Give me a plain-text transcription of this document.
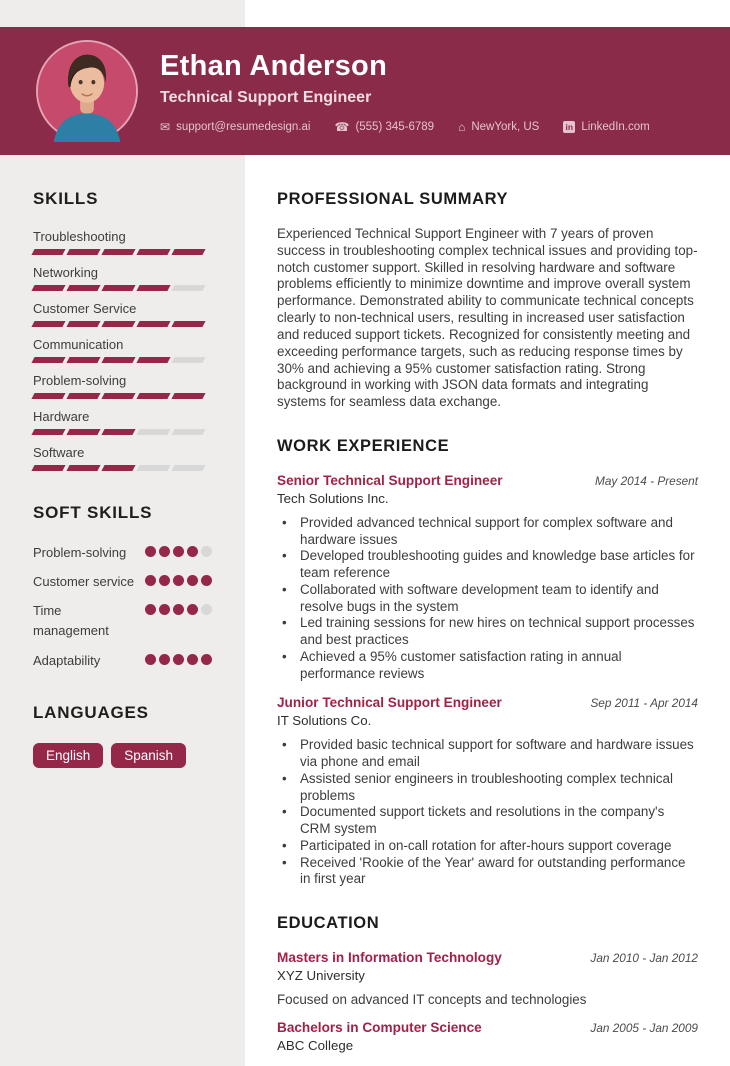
Ethan Anderson
Technical Support Engineer
✉ support@resumedesign.ai ☎ (555) 345-6789 ⌂ NewYork, US	in LinkedIn.com
SKILLS
Troubleshooting
Networking
Customer Service
Communication
Problem-solving
Hardware
Software
SOFT SKILLS
Problem-solving
Customer service
Time management
Adaptability
LANGUAGES
English	Spanish
PROFESSIONAL SUMMARY

Experienced Technical Support Engineer with 7 years of proven success in troubleshooting complex technical issues and providing top-notch customer support. Skilled in resolving hardware and software problems efficiently to minimize downtime and improve overall system performance. Demonstrated ability to communicate technical concepts clearly to non-technical users, resulting in increased user satisfaction and reduced support tickets. Recognized for consistently meeting and exceeding performance targets, such as reducing response times by 30% and achieving a 95% customer satisfaction rating. Strong background in working with JSON data formats and integrating systems for seamless data exchange.

WORK EXPERIENCE
Senior Technical Support Engineer	May 2014 - Present
Tech Solutions Inc.
• Provided advanced technical support for complex software and hardware issues
• Developed troubleshooting guides and knowledge base articles for team reference
• Collaborated with software development team to identify and resolve bugs in the system
• Led training sessions for new hires on technical support processes and best practices
• Achieved a 95% customer satisfaction rating in annual performance reviews
Junior Technical Support Engineer	Sep 2011 - Apr 2014
IT Solutions Co.
• Provided basic technical support for software and hardware issues via phone and email
• Assisted senior engineers in troubleshooting complex technical problems
• Documented support tickets and resolutions in the company's CRM system
• Participated in on-call rotation for after-hours support coverage
• Received 'Rookie of the Year' award for outstanding performance in first year
EDUCATION
Masters in Information Technology	Jan 2010 - Jan 2012
XYZ University
Focused on advanced IT concepts and technologies
Bachelors in Computer Science	Jan 2005 - Jan 2009
ABC College
